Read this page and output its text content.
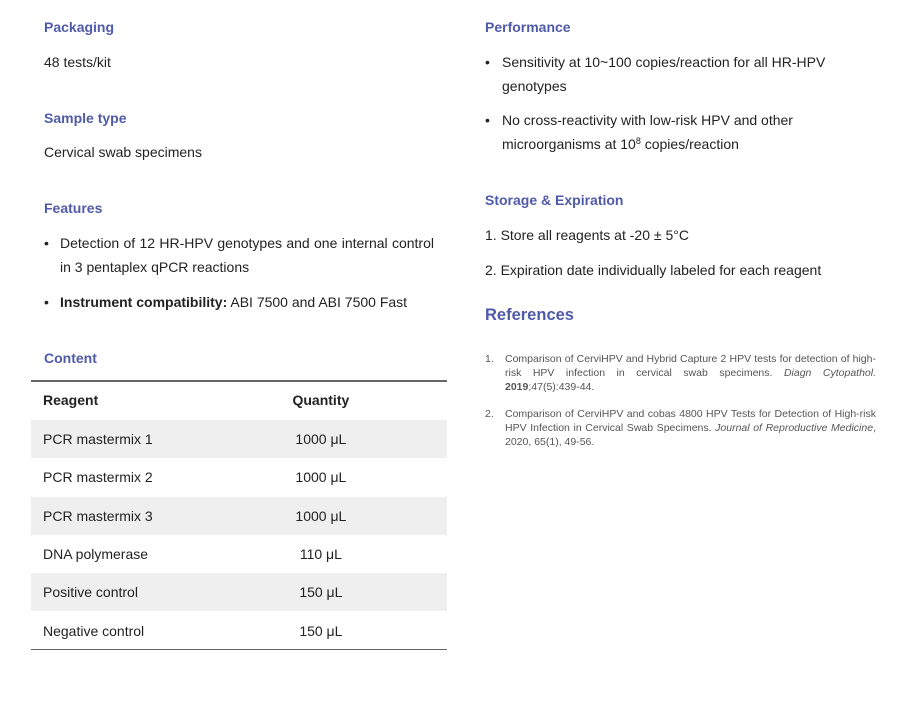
Packaging
48 tests/kit
Sample type
Cervical swab specimens
Features
• Detection of 12 HR-HPV genotypes and one internal control in 3 pentaplex qPCR reactions
• Instrument compatibility: ABI 7500 and ABI 7500 Fast
Content
Reagent	Quantity
PCR mastermix 1	1000 μL
PCR mastermix 2	1000 μL
PCR mastermix 3	1000 μL
DNA polymerase	110 μL
Positive control	150 μL
Negative control	150 μL
Performance
• Sensitivity at 10~100 copies/reaction for all HR-HPV genotypes
• No cross-reactivity with low-risk HPV and other microorganisms at $10^8$ copies/reaction
Storage & Expiration
1. Store all reagents at -20 ± 5°C
2. Expiration date individually labeled for each reagent
References
1. Comparison of CerviHPV and Hybrid Capture 2 HPV tests for detection of high-risk HPV infection in cervical swab specimens. Diagn Cytopathol. 2019;47(5):439-44.
2. Comparison of CerviHPV and cobas 4800 HPV Tests for Detection of High-risk HPV Infection in Cervical Swab Specimens. Journal of Reproductive Medicine, 2020, 65(1), 49-56.
